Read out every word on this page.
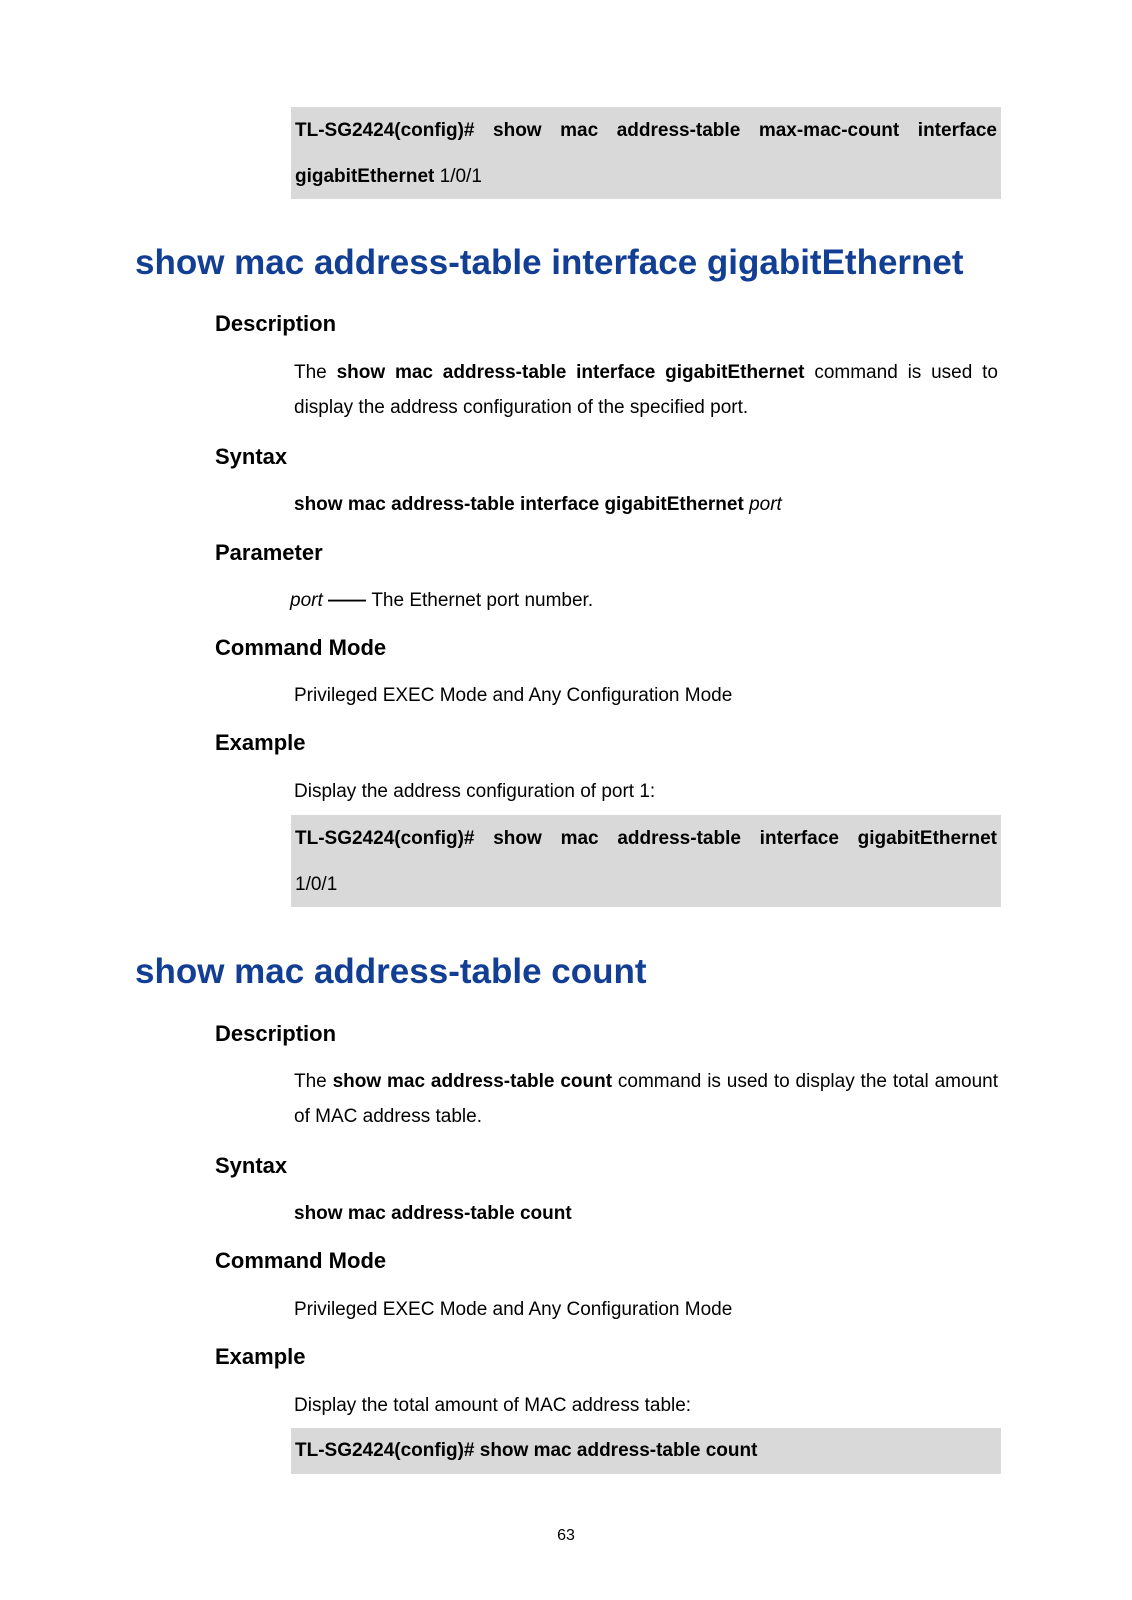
TL-SG2424(config)# show mac address-table max-mac-count interface
gigabitEthernet 1/0/1
show mac address-table interface gigabitEthernet
Description
The show mac address-table interface gigabitEthernet command is used to display the address configuration of the specified port.
Syntax
show mac address-table interface gigabitEthernet port
Parameter
port —— The Ethernet port number.
Command Mode
Privileged EXEC Mode and Any Configuration Mode
Example
Display the address configuration of port 1:
TL-SG2424(config)# show mac address-table interface gigabitEthernet
1/0/1
show mac address-table count
Description
The show mac address-table count command is used to display the total amount of MAC address table.
Syntax
show mac address-table count
Command Mode
Privileged EXEC Mode and Any Configuration Mode
Example
Display the total amount of MAC address table:
TL-SG2424(config)# show mac address-table count
63
